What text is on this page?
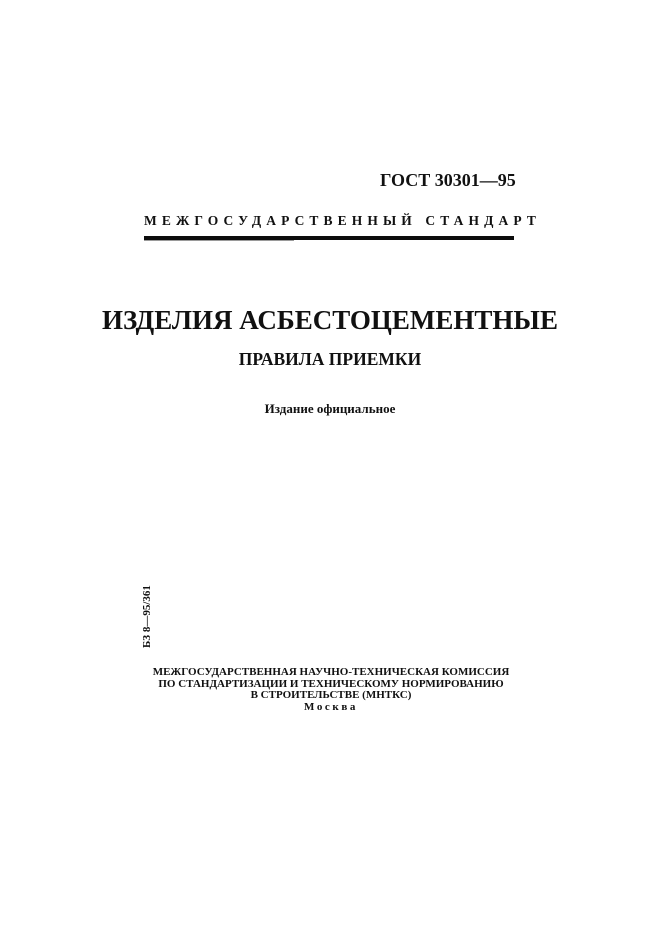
ГОСТ 30301—95
МЕЖГОСУДАРСТВЕННЫЙ СТАНДАРТ
ИЗДЕЛИЯ АСБЕСТОЦЕМЕНТНЫЕ
ПРАВИЛА ПРИЕМКИ
Издание официальное
БЗ 8—95/361
МЕЖГОСУДАРСТВЕННАЯ НАУЧНО-ТЕХНИЧЕСКАЯ КОМИССИЯ
ПО СТАНДАРТИЗАЦИИ И ТЕХНИЧЕСКОМУ НОРМИРОВАНИЮ
В СТРОИТЕЛЬСТВЕ (МНТКС)
Москва
